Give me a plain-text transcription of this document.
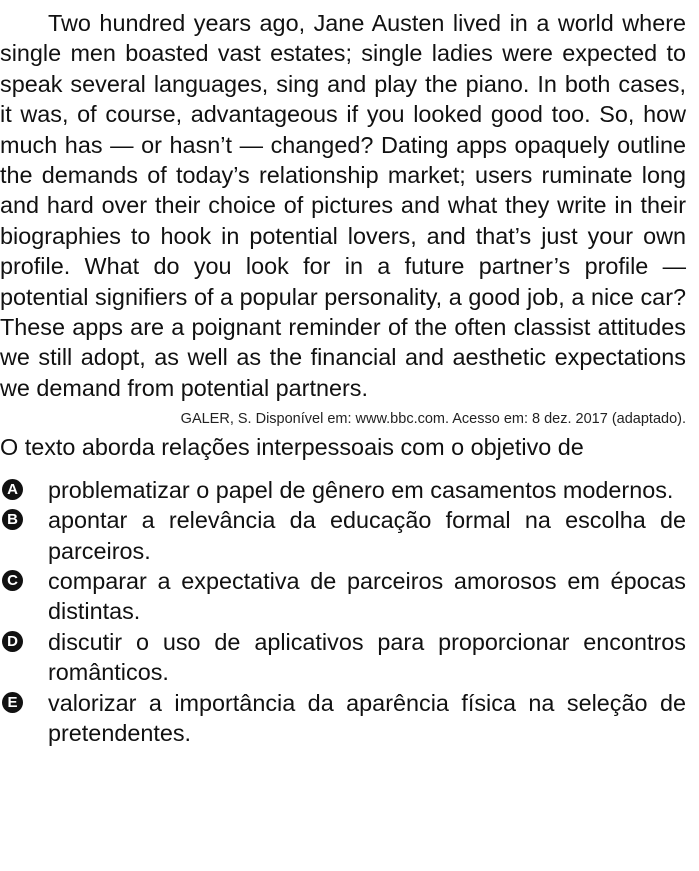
Two hundred years ago, Jane Austen lived in a world where single men boasted vast estates; single ladies were expected to speak several languages, sing and play the piano. In both cases, it was, of course, advantageous if you looked good too. So, how much has — or hasn’t — changed? Dating apps opaquely outline the demands of today’s relationship market; users ruminate long and hard over their choice of pictures and what they write in their biographies to hook in potential lovers, and that’s just your own profile. What do you look for in a future partner’s profile — potential signifiers of a popular personality, a good job, a nice car? These apps are a poignant reminder of the often classist attitudes we still adopt, as well as the financial and aesthetic expectations we demand from potential partners.

GALER, S. Disponível em: www.bbc.com. Acesso em: 8 dez. 2017 (adaptado).
O texto aborda relações interpessoais com o objetivo de
A problematizar o papel de gênero em casamentos modernos.
B apontar a relevância da educação formal na escolha de parceiros.
C comparar a expectativa de parceiros amorosos em épocas distintas.
D discutir o uso de aplicativos para proporcionar encontros românticos.
E valorizar a importância da aparência física na seleção de pretendentes.
